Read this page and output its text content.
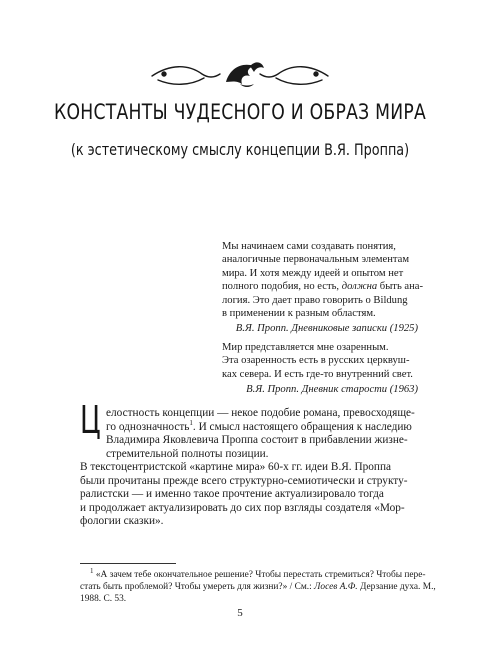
КОНСТАНТЫ ЧУДЕСНОГО И ОБРАЗ МИРА
(к эстетическому смыслу концепции В.Я. Проппа)
Мы начинаем сами создавать понятия,
аналогичные первоначальным элементам
мира. И хотя между идеей и опытом нет
полного подобия, но есть, должна быть ана-
логия. Это дает право говорить о Bildung
в применении к разным областям.
В.Я. Пропп. Дневниковые записки (1925)
Мир представляется мне озаренным.
Эта озаренность есть в русских церквуш-
ках севера. И есть где-то внутренний свет.
В.Я. Пропп. Дневник старости (1963)
Ц елостность концепции — некое подобие романа, превосходяще-
го однозначность$^1$. И смысл настоящего обращения к наследию
Владимира Яковлевича Проппа состоит в прибавлении жизне-
стремительной полноты позиции.
В текстоцентристской «картине мира» 60-х гг. идеи В.Я. Проппа
были прочитаны прежде всего структурно-семиотически и структу-
ралистски — и именно такое прочтение актуализировало тогда
и продолжает актуализировать до сих пор взгляды создателя «Мор-
фологии сказки».
$^1$ «А зачем тебе окончательное решение? Чтобы перестать стремиться? Чтобы пере-
стать быть проблемой? Чтобы умереть для жизни?» / См.: Лосев А.Ф. Дерзание духа. М.,
1988. С. 53.
5
